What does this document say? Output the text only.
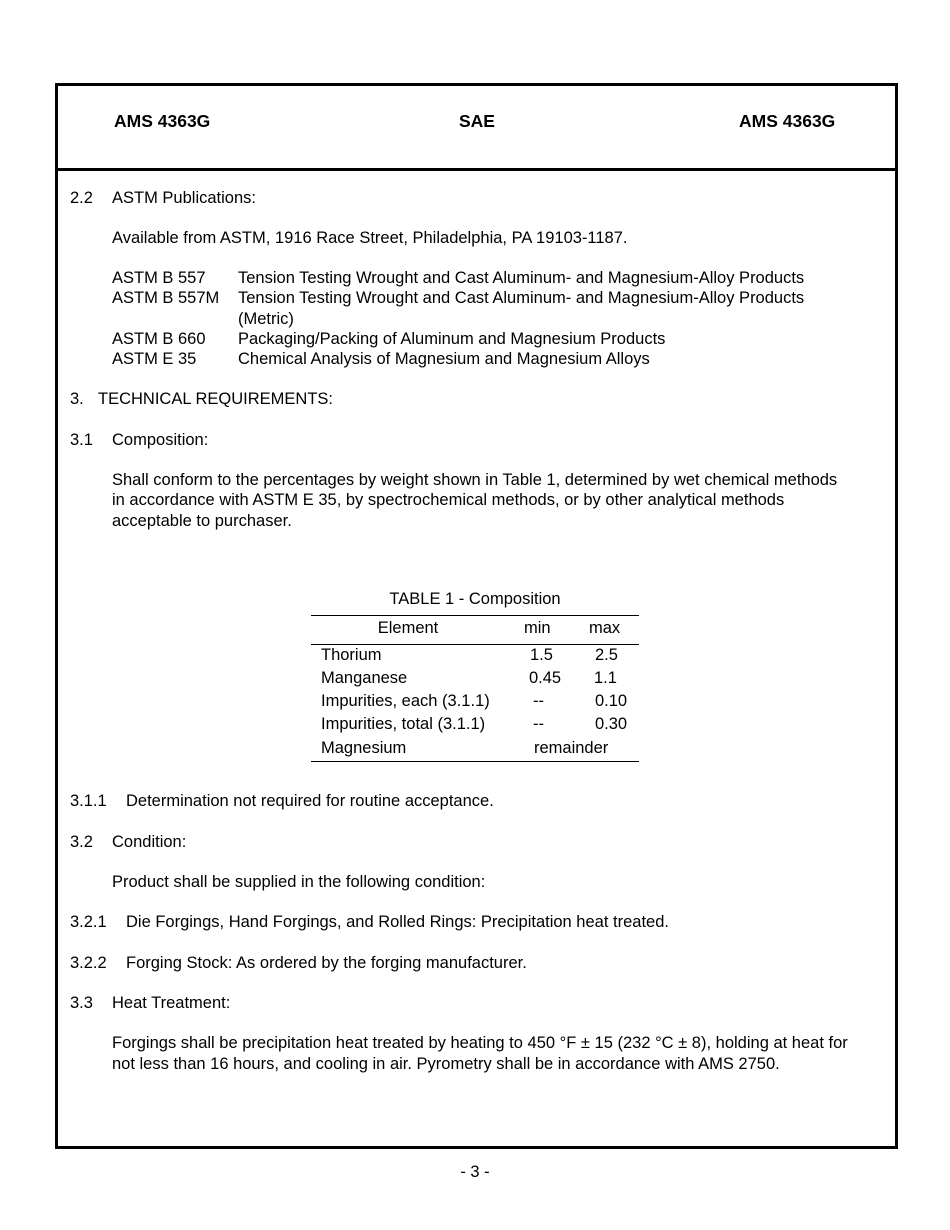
AMS 4363G	SAE	AMS 4363G
2.2 ASTM Publications:
Available from ASTM, 1916 Race Street, Philadelphia, PA 19103-1187.
ASTM B 557 Tension Testing Wrought and Cast Aluminum- and Magnesium-Alloy Products
ASTM B 557M Tension Testing Wrought and Cast Aluminum- and Magnesium-Alloy Products
(Metric)
ASTM B 660 Packaging/Packing of Aluminum and Magnesium Products
ASTM E 35	Chemical Analysis of Magnesium and Magnesium Alloys
3. TECHNICAL REQUIREMENTS:
3.1 Composition:
Shall conform to the percentages by weight shown in Table 1, determined by wet chemical methods
in accordance with ASTM E 35, by spectrochemical methods, or by other analytical methods
acceptable to purchaser.
TABLE 1 - Composition
Element	min max
Thorium	1.5	2.5
Manganese	0.45 1.1
Impurities, each (3.1.1)	--	0.10
Impurities, total (3.1.1)	--	0.30
Magnesium	remainder
3.1.1 Determination not required for routine acceptance.
3.2 Condition:
Product shall be supplied in the following condition:
3.2.1 Die Forgings, Hand Forgings, and Rolled Rings: Precipitation heat treated.
3.2.2 Forging Stock: As ordered by the forging manufacturer.
3.3 Heat Treatment:
Forgings shall be precipitation heat treated by heating to 450 °F ± 15 (232 °C ± 8), holding at heat for
not less than 16 hours, and cooling in air. Pyrometry shall be in accordance with AMS 2750.
- 3 -
